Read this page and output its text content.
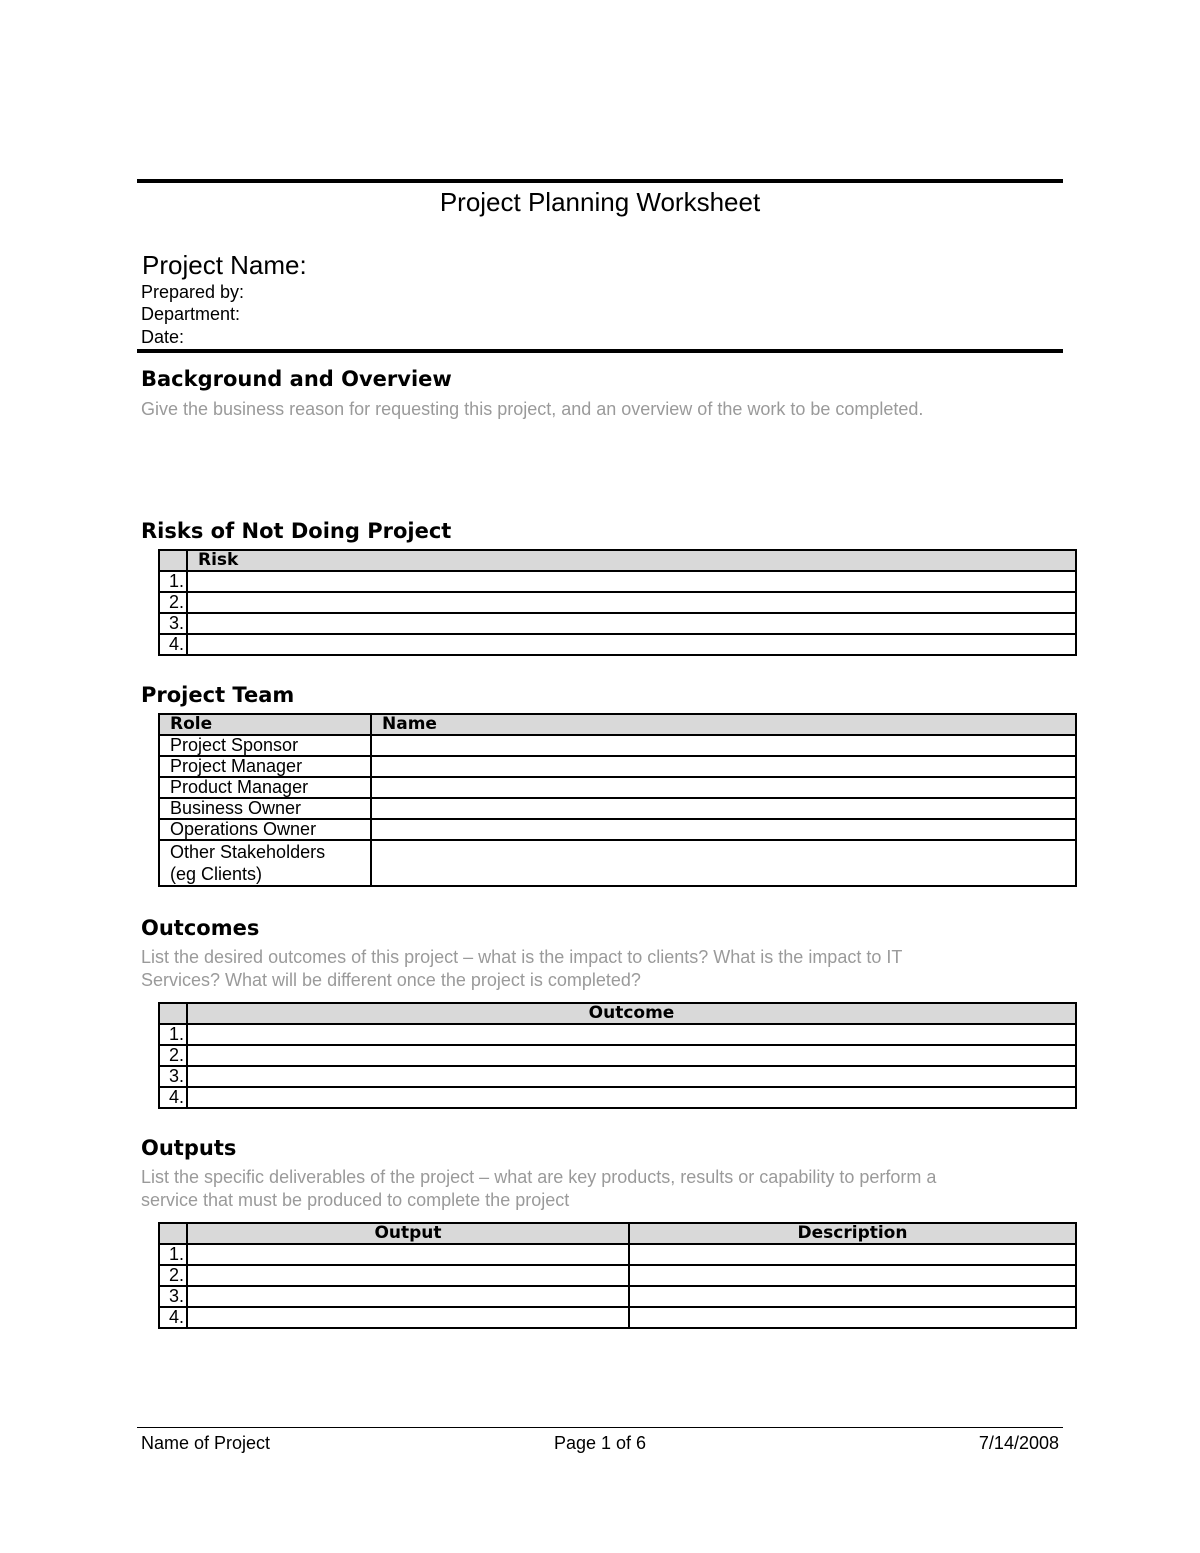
Project Planning Worksheet
Project Name:
Prepared by:
Department:
Date:
Background and Overview
Give the business reason for requesting this project, and an overview of the work to be completed.
Risks of Not Doing Project
	Risk
1.	
2.	
3.	
4.	
Project Team
Role	Name
Project Sponsor	
Project Manager	
Product Manager	
Business Owner	
Operations Owner	
Other Stakeholders
(eg Clients)	
Outcomes
List the desired outcomes of this project – what is the impact to clients? What is the impact to IT
Services? What will be different once the project is completed?
	Outcome
1.	
2.	
3.	
4.	
Outputs
List the specific deliverables of the project – what are key products, results or capability to perform a
service that must be produced to complete the project
	Output	Description
1.		
2.		
3.		
4.		
Name of Project	Page 1 of 6	7/14/2008
